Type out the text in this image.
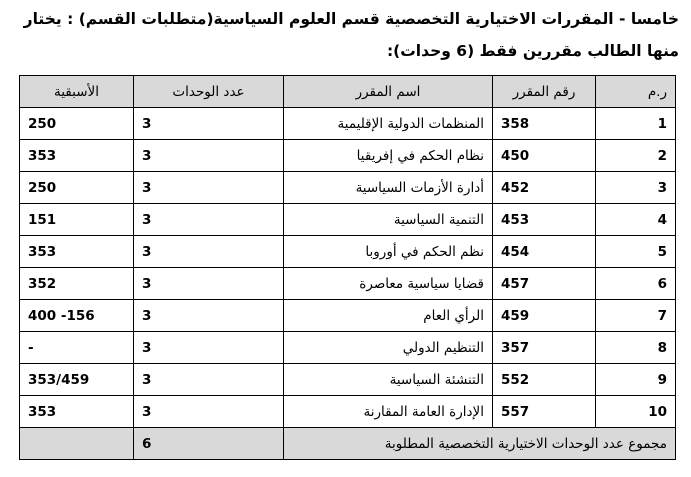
خامسا - المقررات الاختيارية التخصصية قسم العلوم السياسية(متطلبات القسم) : يختار
منها الطالب مقررين فقط (6 وحدات):
ر.م	رقم المقرر	اسم المقرر	عدد الوحدات	الأسبقية
1	358	المنظمات الدولية الإقليمية	3	250
2	450	نظام الحكم في إفريقيا	3	353
3	452	أدارة الأزمات السياسية	3	250
4	453	التنمية السياسية	3	151
5	454	نظم الحكم في أوروبا	3	353
6	457	قضايا سياسية معاصرة	3	352
7	459	الرأي العام	3	156- 400
8	357	التنظيم الدولي	3	-
9	552	التنشئة السياسية	3	353/459
10	557	الإدارة العامة المقارنة	3	353
مجموع عدد الوحدات الاختيارية التخصصية المطلوبة			6	
